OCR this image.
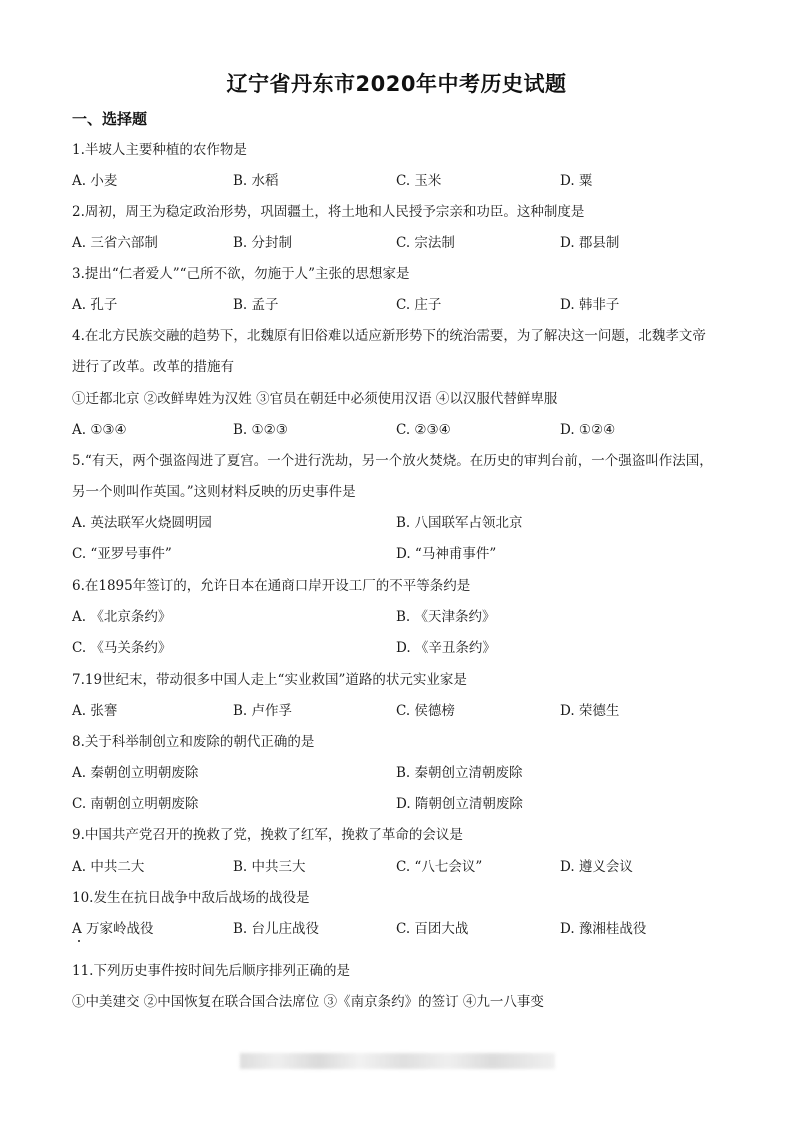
辽宁省丹东市2020年中考历史试题
一、选择题
1.半坡人主要种植的农作物是
A. 小麦	B. 水稻	C. 玉米	D. 粟
2.周初，周王为稳定政治形势，巩固疆土，将土地和人民授予宗亲和功臣。这种制度是
A. 三省六部制	B. 分封制	C. 宗法制	D. 郡县制
3.提出“仁者爱人”“己所不欲，勿施于人”主张的思想家是
A. 孔子	B. 孟子	C. 庄子	D. 韩非子
4.在北方民族交融的趋势下，北魏原有旧俗难以适应新形势下的统治需要，为了解决这一问题，北魏孝文帝
进行了改革。改革的措施有
①迁都北京 ②改鲜卑姓为汉姓 ③官员在朝廷中必须使用汉语 ④以汉服代替鲜卑服
A. ①③④	B. ①②③	C. ②③④	D. ①②④
5.“有天，两个强盗闯进了夏宫。一个进行洗劫，另一个放火焚烧。在历史的审判台前，一个强盗叫作法国，
另一个则叫作英国。”这则材料反映的历史事件是
A. 英法联军火烧圆明园	B. 八国联军占领北京
C. “亚罗号事件”	D. “马神甫事件”
6.在1895年签订的，允许日本在通商口岸开设工厂的不平等条约是
A. 《北京条约》	B. 《天津条约》
C. 《马关条约》	D. 《辛丑条约》
7.19世纪末，带动很多中国人走上“实业救国”道路的状元实业家是
A. 张謇	B. 卢作孚	C. 侯德榜	D. 荣德生
8.关于科举制创立和废除的朝代正确的是
A. 秦朝创立明朝废除	B. 秦朝创立清朝废除
C. 南朝创立明朝废除	D. 隋朝创立清朝废除
9.中国共产党召开的挽救了党，挽救了红军，挽救了革命的会议是
A. 中共二大	B. 中共三大	C. “八七会议”	D. 遵义会议
10.发生在抗日战争中敌后战场的战役是
A 万家岭战役	B. 台儿庄战役	C. 百团大战	D. 豫湘桂战役
11.下列历史事件按时间先后顺序排列正确的是
①中美建交 ②中国恢复在联合国合法席位 ③《南京条约》的签订 ④九一八事变
